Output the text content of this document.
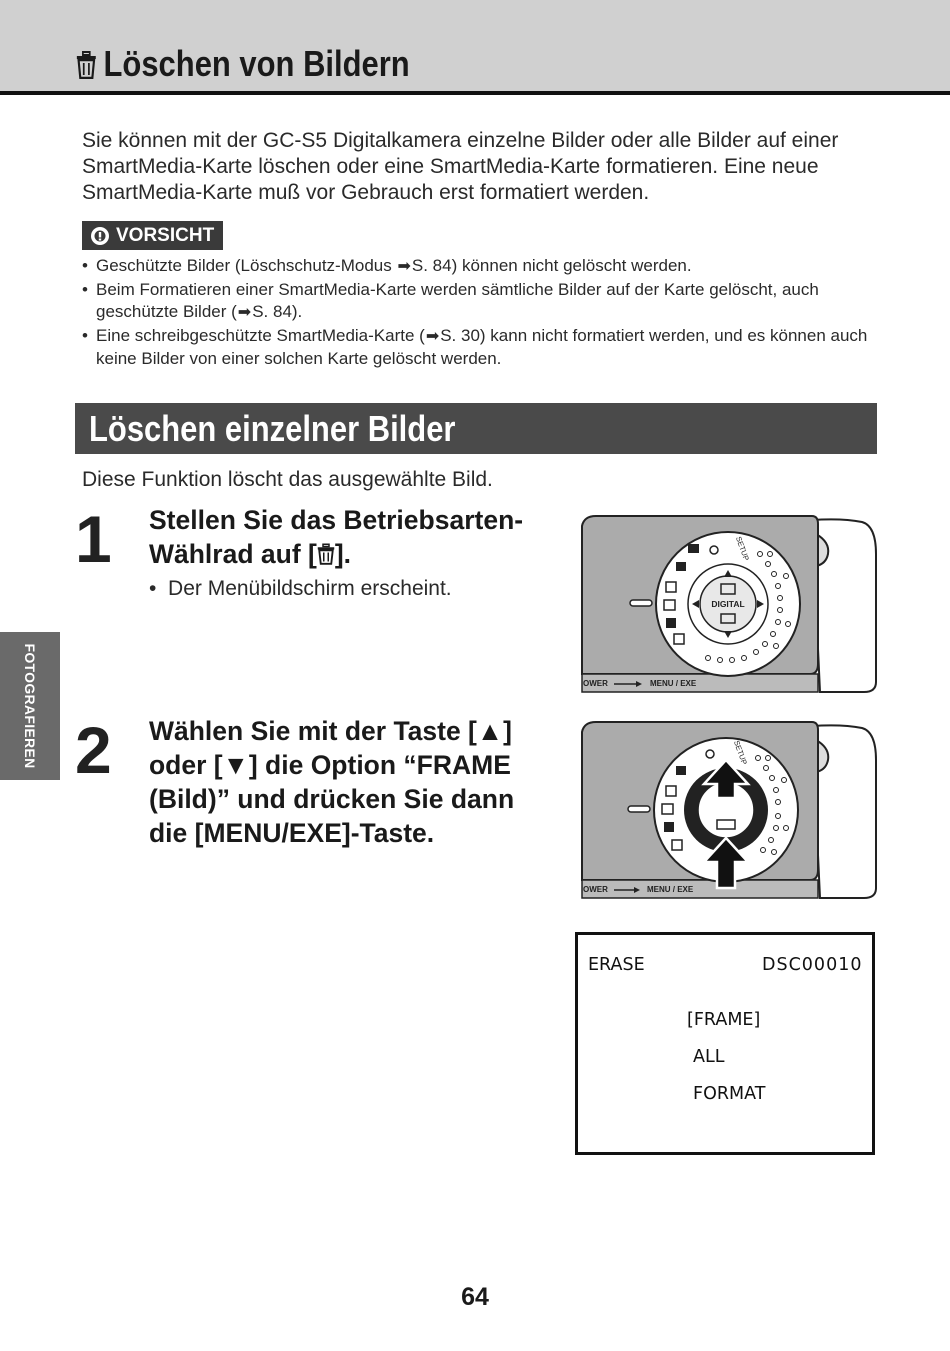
Löschen von Bildern
Sie können mit der GC-S5 Digitalkamera einzelne Bilder oder alle Bilder auf einer SmartMedia-Karte löschen oder eine SmartMedia-Karte formatieren. Eine neue SmartMedia-Karte muß vor Gebrauch erst formatiert werden.
VORSICHT
• Geschützte Bilder (Löschschutz-Modus ➡S. 84) können nicht gelöscht werden.
• Beim Formatieren einer SmartMedia-Karte werden sämtliche Bilder auf der Karte gelöscht, auch geschützte Bilder (➡S. 84).
• Eine schreibgeschützte SmartMedia-Karte (➡S. 30) kann nicht formatiert werden, und es können auch keine Bilder von einer solchen Karte gelöscht werden.
Löschen einzelner Bilder
Diese Funktion löscht das ausgewählte Bild.
FOTOGRAFIEREN
1 Stellen Sie das Betriebsarten-Wählrad auf [ ].
•  Der Menübildschirm erscheint.
DIGITAL
SETUP
OWER	MENU / EXE
2 Wählen Sie mit der Taste [▲]
oder [▼] die Option “FRAME
(Bild)” und drücken Sie dann
die [MENU/EXE]-Taste.
SETUP
OWER	MENU / EXE
ERASE	DSC00010
[FRAME]
ALL
FORMAT
64
